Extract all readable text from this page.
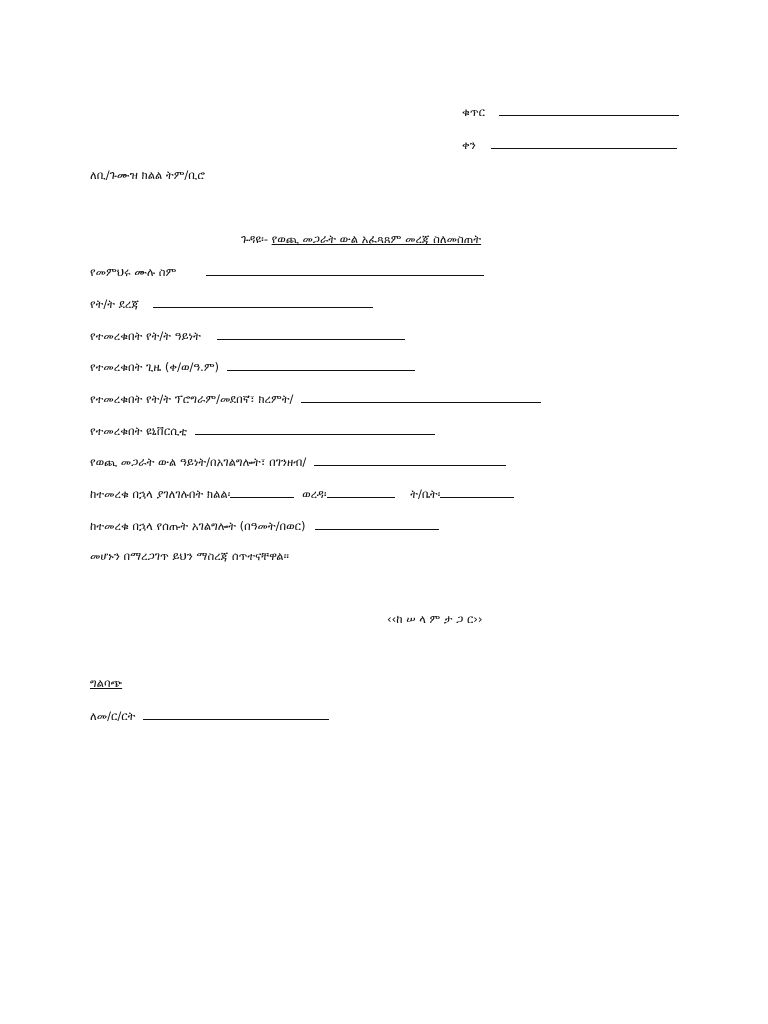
ቁጥር
ቀን
ለቢ/ጉሙዝ ክልል ትም/ቢሮ
ጉዳዩ፡- የወጪ መጋራት ውል አፈጻጸም መረጃ ስለመስጠት
የመምህሩ ሙሉ ስም
የት/ት ደረጃ
የተመረቁበት የት/ት ዓይነት
የተመረቁበት ጊዜ (ቀ/ወ/ዓ.ም)
የተመረቁበት የት/ት ፕሮግራም/መደበኛ፣ ክረምት/
የተመረቁበት ዩኒቨርሲቲ
የወጪ መጋራት ውል ዓይነት/በአገልግሎት፣ በገንዘብ/
ከተመረቁ በኋላ ያገለገሉበት ክልል፡	ወረዳ፡	ት/ቤት፡
ከተመረቁ በኋላ የሰጡት አገልግሎት (በዓመት/በወር)
መሆኑን በማረጋገጥ ይህን ማስረጃ ሰጥተናቸዋል፡፡
‹‹ከ ሠ ላ ም ታ ጋ ር››
ግልባጭ
ለመ/ር/ርት
